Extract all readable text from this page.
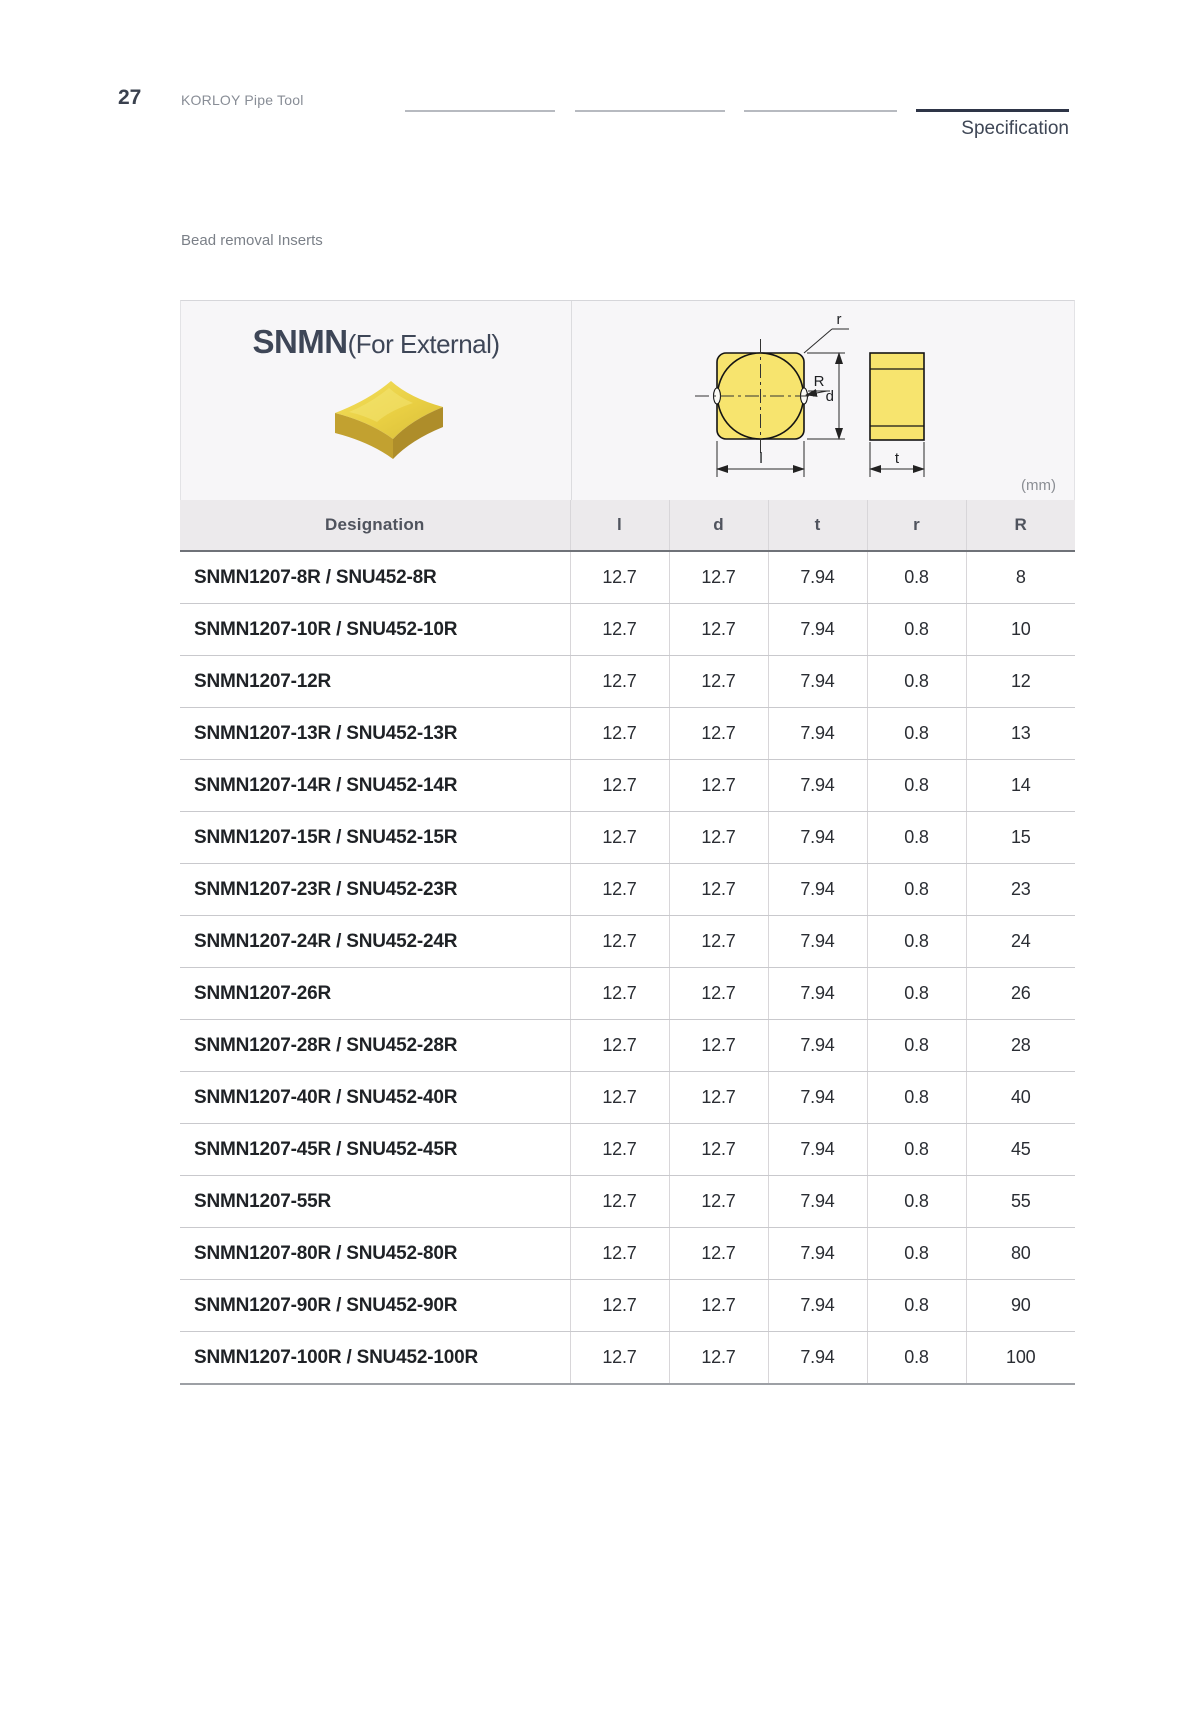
27	KORLOY Pipe Tool
Specification
Bead removal Inserts
SNMN(For External)
r
R
d
l	t
(mm)
Designation	l	d	t	r	R
SNMN1207-8R / SNU452-8R	12.7	12.7	7.94	0.8	8
SNMN1207-10R / SNU452-10R	12.7	12.7	7.94	0.8	10
SNMN1207-12R	12.7	12.7	7.94	0.8	12
SNMN1207-13R / SNU452-13R	12.7	12.7	7.94	0.8	13
SNMN1207-14R / SNU452-14R	12.7	12.7	7.94	0.8	14
SNMN1207-15R / SNU452-15R	12.7	12.7	7.94	0.8	15
SNMN1207-23R / SNU452-23R	12.7	12.7	7.94	0.8	23
SNMN1207-24R / SNU452-24R	12.7	12.7	7.94	0.8	24
SNMN1207-26R	12.7	12.7	7.94	0.8	26
SNMN1207-28R / SNU452-28R	12.7	12.7	7.94	0.8	28
SNMN1207-40R / SNU452-40R	12.7	12.7	7.94	0.8	40
SNMN1207-45R / SNU452-45R	12.7	12.7	7.94	0.8	45
SNMN1207-55R	12.7	12.7	7.94	0.8	55
SNMN1207-80R / SNU452-80R	12.7	12.7	7.94	0.8	80
SNMN1207-90R / SNU452-90R	12.7	12.7	7.94	0.8	90
SNMN1207-100R / SNU452-100R	12.7	12.7	7.94	0.8	100
